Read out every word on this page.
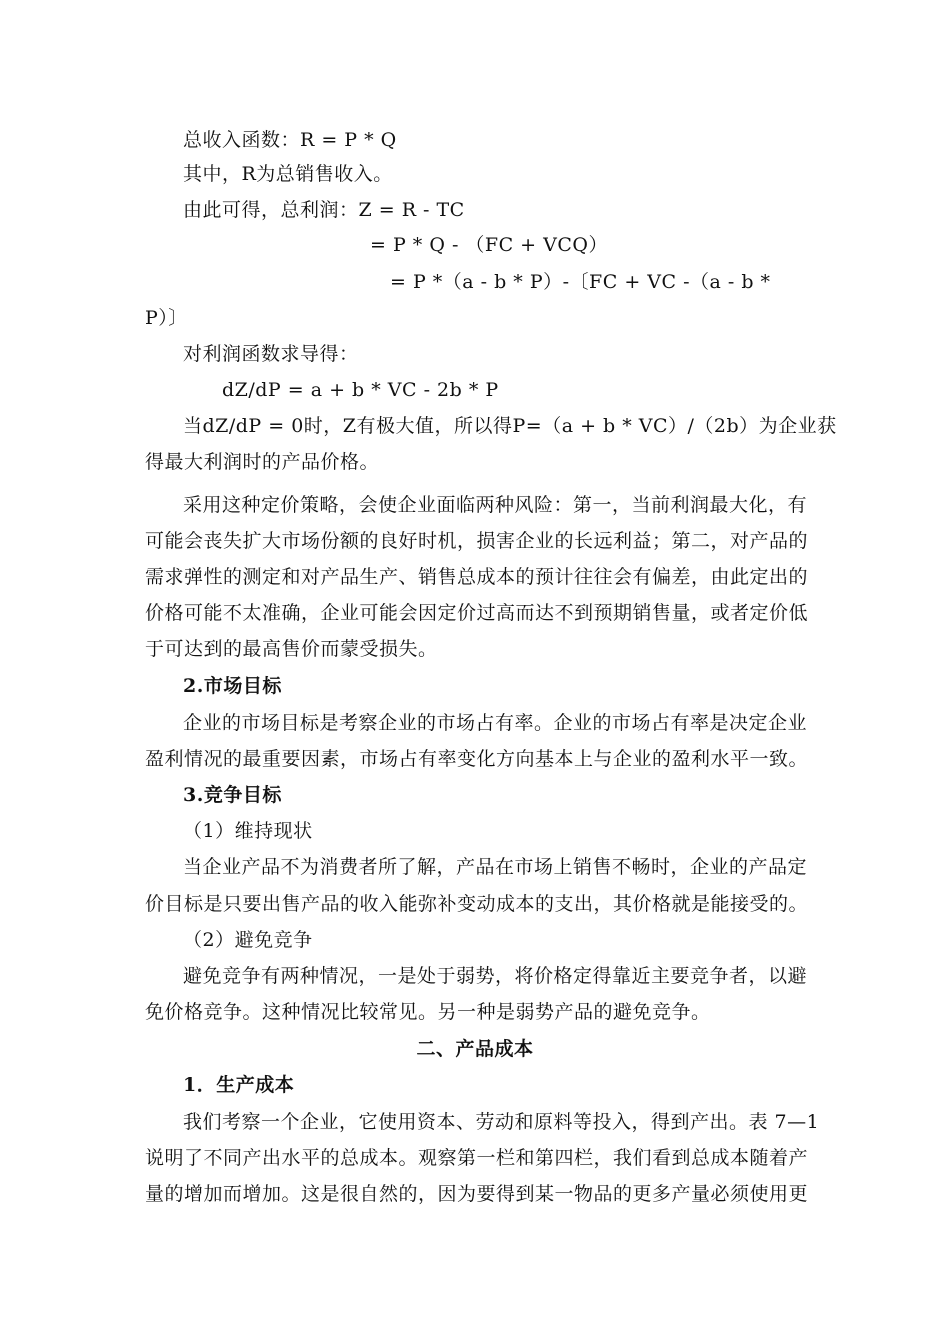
总收入函数：R = P * Q
其中，R为总销售收入。
由此可得，总利润：Z = R - TC
= P * Q - （FC + VCQ）
= P *（a - b * P）-〔FC + VC -（a - b *
P）〕
对利润函数求导得：
dZ/dP = a + b * VC - 2b * P
当dZ/dP = 0时，Z有极大值，所以得P=（a + b * VC）/（2b）为企业获
得最大利润时的产品价格。
采用这种定价策略，会使企业面临两种风险：第一，当前利润最大化，有
可能会丧失扩大市场份额的良好时机，损害企业的长远利益；第二，对产品的
需求弹性的测定和对产品生产、销售总成本的预计往往会有偏差，由此定出的
价格可能不太准确，企业可能会因定价过高而达不到预期销售量，或者定价低
于可达到的最高售价而蒙受损失。
2.市场目标
企业的市场目标是考察企业的市场占有率。企业的市场占有率是决定企业
盈利情况的最重要因素，市场占有率变化方向基本上与企业的盈利水平一致。
3.竞争目标
（1）维持现状
当企业产品不为消费者所了解，产品在市场上销售不畅时，企业的产品定
价目标是只要出售产品的收入能弥补变动成本的支出，其价格就是能接受的。
（2）避免竞争
避免竞争有两种情况，一是处于弱势，将价格定得靠近主要竞争者，以避
免价格竞争。这种情况比较常见。另一种是弱势产品的避免竞争。
二、产品成本
1．生产成本
我们考察一个企业，它使用资本、劳动和原料等投入，得到产出。表 7—1
说明了不同产出水平的总成本。观察第一栏和第四栏，我们看到总成本随着产
量的增加而增加。这是很自然的，因为要得到某一物品的更多产量必须使用更
